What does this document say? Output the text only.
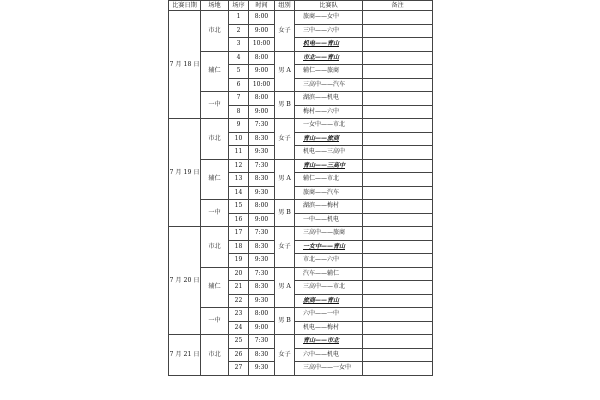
比赛日期	场地	场序	时间	组别	比赛队	备注
7 月 18 日	市北	1	8:00	女子	旅商——女中	
		2	9:00		三中——六中	
		3	10:00		机电——青山	
	辅仁	4	8:00	男 A	市北——青山	
		5	9:00		辅仁——旅商	
		6	10:00		三高中——汽车	
	一中	7	8:00	男 B	湖滨——机电	
		8	9:00		梅村——六中	
7 月 19 日	市北	9	7:30	女子	一女中——市北	
		10	8:30		青山——旅商	
		11	9:30		机电——三高中	
	辅仁	12	7:30	男 A	青山——三高中	
		13	8:30		辅仁——市北	
		14	9:30		旅商——汽车	
	一中	15	8:00	男 B	湖滨——梅村	
		16	9:00		一中——机电	
7 月 20 日	市北	17	7:30	女子	三高中——旅商	
		18	8:30		一女中——青山	
		19	9:30		市北——六中	
	辅仁	20	7:30	男 A	汽车——辅仁	
		21	8:30		三高中——市北	
		22	9:30		旅商——青山	
	一中	23	8:00	男 B	六中——一中	
		24	9:00		机电——梅村	
7 月 21 日	市北	25	7:30	女子	青山——市北	
		26	8:30		六中——机电	
		27	9:30		三高中——一女中	
